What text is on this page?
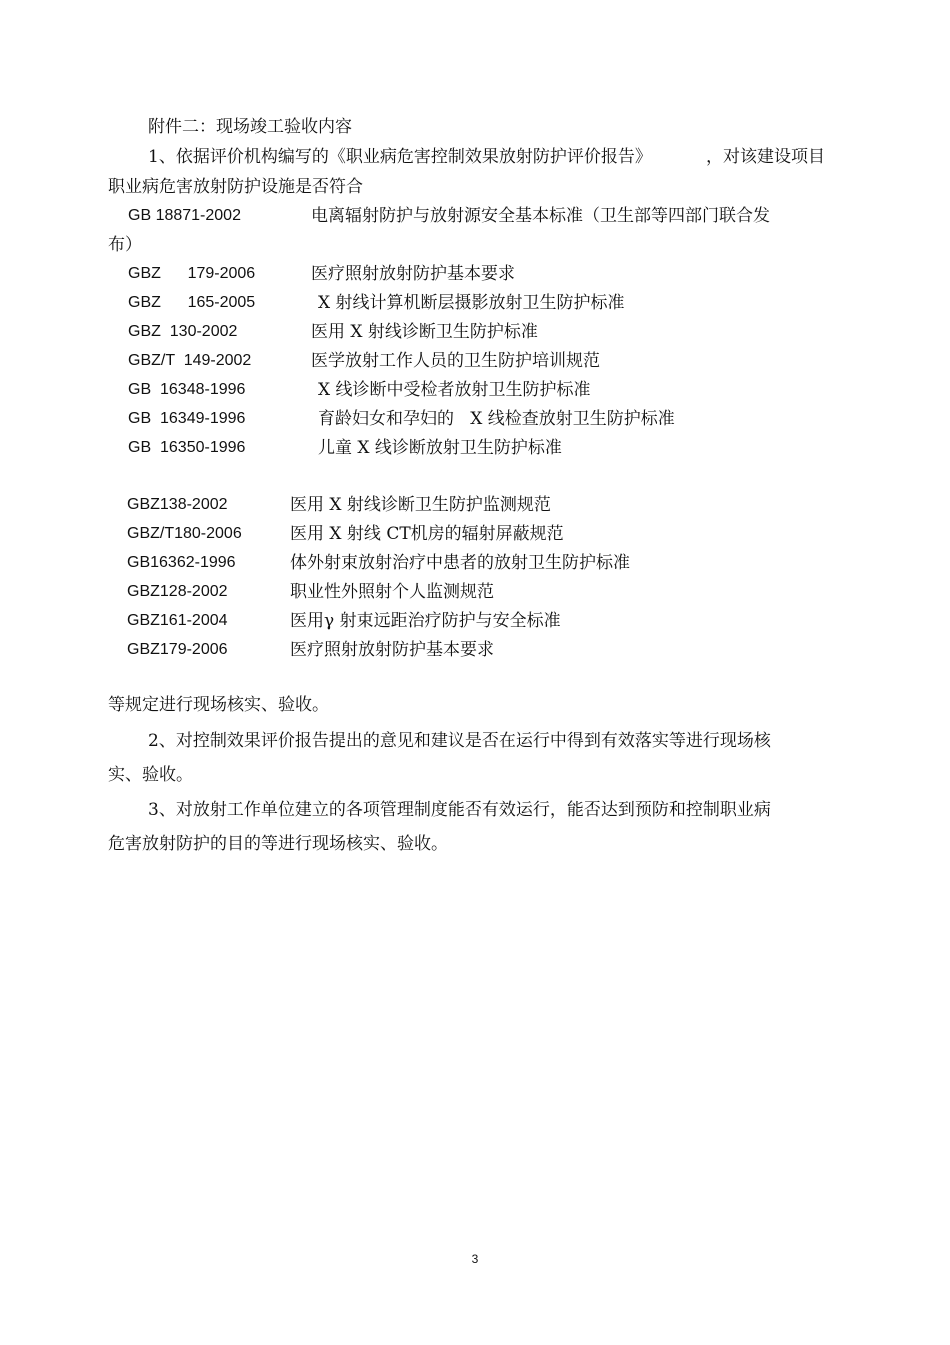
附件二：现场竣工验收内容
1、依据评价机构编写的《职业病危害控制效果放射防护评价报告》	，对该建设项目
职业病危害放射防护设施是否符合
GB 18871-2002	电离辐射防护与放射源安全基本标准（卫生部等四部门联合发
布）
GBZ      179-2006	医疗照射放射防护基本要求
GBZ      165-2005	X 射线计算机断层摄影放射卫生防护标准
GBZ  130-2002	医用 X 射线诊断卫生防护标准
GBZ/T  149-2002	医学放射工作人员的卫生防护培训规范
GB  16348-1996	X 线诊断中受检者放射卫生防护标准
GB  16349-1996	育龄妇女和孕妇的   X 线检查放射卫生防护标准
GB  16350-1996	儿童 X 线诊断放射卫生防护标准
GBZ138-2002	医用 X 射线诊断卫生防护监测规范
GBZ/T180-2006	医用 X 射线 CT机房的辐射屏蔽规范
GB16362-1996	体外射束放射治疗中患者的放射卫生防护标准
GBZ128-2002	职业性外照射个人监测规范
GBZ161-2004	医用γ 射束远距治疗防护与安全标准
GBZ179-2006	医疗照射放射防护基本要求
等规定进行现场核实、验收。
2、对控制效果评价报告提出的意见和建议是否在运行中得到有效落实等进行现场核
实、验收。
3、对放射工作单位建立的各项管理制度能否有效运行，能否达到预防和控制职业病
危害放射防护的目的等进行现场核实、验收。
3
